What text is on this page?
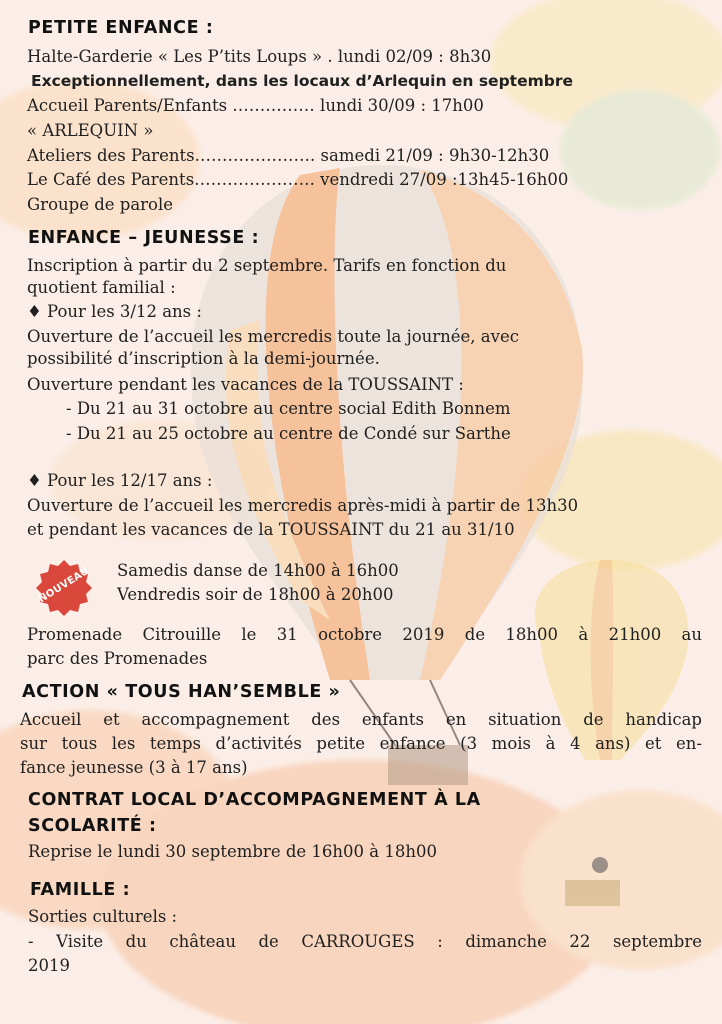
PETITE ENFANCE :
Halte-Garderie « Les P’tits Loups » . lundi 02/09 : 8h30
Exceptionnellement, dans les locaux d’Arlequin en septembre
Accueil Parents/Enfants …………… lundi 30/09 : 17h00
« ARLEQUIN »
Ateliers des Parents…………………. samedi 21/09 : 9h30-12h30
Le Café des Parents…………………. vendredi 27/09 :13h45-16h00
Groupe de parole
ENFANCE – JEUNESSE :
Inscription à partir du 2 septembre. Tarifs en fonction du
quotient familial :
♦ Pour les 3/12 ans :
Ouverture de l’accueil les mercredis toute la journée, avec
possibilité d’inscription à la demi-journée.
Ouverture pendant les vacances de la TOUSSAINT :
- Du 21 au 31 octobre au centre social Edith Bonnem
- Du 21 au 25 octobre au centre de Condé sur Sarthe
♦ Pour les 12/17 ans :
Ouverture de l’accueil les mercredis après-midi à partir de 13h30
et pendant les vacances de la TOUSSAINT du 21 au 31/10
NOUVEAU Samedis danse de 14h00 à 16h00
Vendredis soir de 18h00 à 20h00
Promenade Citrouille le 31 octobre 2019 de 18h00 à 21h00 au
parc des Promenades
ACTION « TOUS HAN’SEMBLE »
Accueil et accompagnement des enfants en situation de handicap
sur tous les temps d’activités petite enfance (3 mois à 4 ans) et en-
fance jeunesse (3 à 17 ans)
CONTRAT LOCAL D’ACCOMPAGNEMENT À LA
SCOLARITÉ :
Reprise le lundi 30 septembre de 16h00 à 18h00
FAMILLE :
Sorties culturels :
- Visite du château de CARROUGES : dimanche 22 septembre
2019
